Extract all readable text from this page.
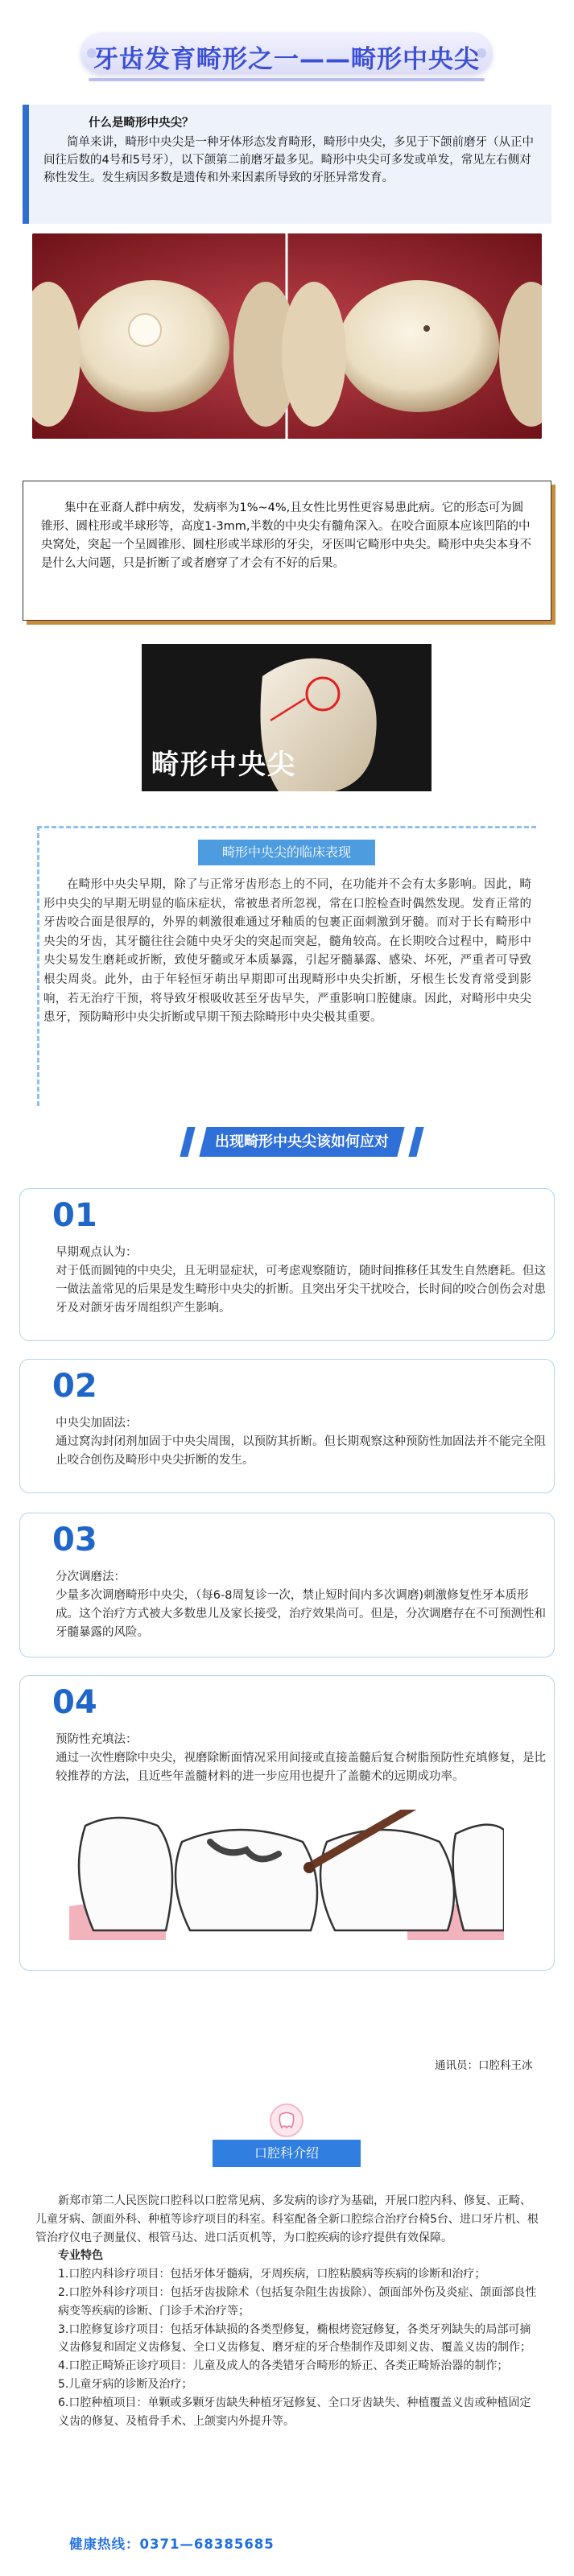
牙齿发育畸形之一——畸形中央尖
什么是畸形中央尖？

简单来讲，畸形中央尖是一种牙体形态发育畸形，畸形中央尖，多见于下颌前磨牙（从正中间往后数的4号和5号牙），以下颌第二前磨牙最多见。畸形中央尖可多发或单发，常见左右侧对称性发生。发生病因多数是遗传和外来因素所导致的牙胚异常发育。

集中在亚裔人群中病发，发病率为1%~4%,且女性比男性更容易患此病。它的形态可为圆锥形、圆柱形或半球形等，高度1-3mm,半数的中央尖有髓角深入。在咬合面原本应该凹陷的中央窝处，突起一个呈圆锥形、圆柱形或半球形的牙尖，牙医叫它畸形中央尖。畸形中央尖本身不是什么大问题，只是折断了或者磨穿了才会有不好的后果。

畸形中央尖
畸形中央尖的临床表现

在畸形中央尖早期，除了与正常牙齿形态上的不同，在功能并不会有太多影响。因此，畸形中央尖的早期无明显的临床症状，常被患者所忽视，常在口腔检查时偶然发现。发育正常的牙齿咬合面是很厚的，外界的刺激很难通过牙釉质的包裹正面刺激到牙髓。而对于长有畸形中央尖的牙齿，其牙髓往往会随中央牙尖的突起而突起，髓角较高。在长期咬合过程中，畸形中央尖易发生磨耗或折断，致使牙髓或牙本质暴露，引起牙髓暴露、感染、坏死，严重者可导致根尖周炎。此外，由于年轻恒牙萌出早期即可出现畸形中央尖折断，牙根生长发育常受到影响，若无治疗干预，将导致牙根吸收甚至牙齿早失，严重影响口腔健康。因此，对畸形中央尖患牙，预防畸形中央尖折断或早期干预去除畸形中央尖极其重要。

出现畸形中央尖该如何应对
01

早期观点认为：

对于低而圆钝的中央尖，且无明显症状，可考虑观察随访，随时间推移任其发生自然磨耗。但这一做法盖常见的后果是发生畸形中央尖的折断。且突出牙尖干扰咬合，长时间的咬合创伤会对患牙及对颌牙齿牙周组织产生影响。

02

中央尖加固法：

通过窝沟封闭剂加固于中央尖周围，以预防其折断。但长期观察这种预防性加固法并不能完全阻止咬合创伤及畸形中央尖折断的发生。

03

分次调磨法：

少量多次调磨畸形中央尖，（每6-8周复诊一次，禁止短时间内多次调磨)刺激修复性牙本质形成。这个治疗方式被大多数患儿及家长接受，治疗效果尚可。但是，分次调磨存在不可预测性和牙髓暴露的风险。

04

预防性充填法：

通过一次性磨除中央尖，视磨除断面情况采用间接或直接盖髓后复合树脂预防性充填修复，是比较推荐的方法，且近些年盖髓材料的进一步应用也提升了盖髓术的远期成功率。

通讯员：口腔科王冰
口腔科介绍

新郑市第二人民医院口腔科以口腔常见病、多发病的诊疗为基础，开展口腔内科、修复、正畸、儿童牙病、颌面外科、种植等诊疗项目的科室。科室配备全新口腔综合治疗台椅5台、进口牙片机、根管治疗仪电子测量仪、根管马达、进口活页机等，为口腔疾病的诊疗提供有效保障。

专业特色

1.口腔内科诊疗项目：包括牙体牙髓病，牙周疾病，口腔粘膜病等疾病的诊断和治疗；

2.口腔外科诊疗项目：包括牙齿拔除术（包括复杂阻生齿拔除）、颌面部外伤及炎症、颌面部良性病变等疾病的诊断、门诊手术治疗等；

3.口腔修复诊疗项目：包括牙体缺损的各类型修复，椭根烤瓷冠修复，各类牙列缺失的局部可摘义齿修复和固定义齿修复、全口义齿修复、磨牙症的牙合垫制作及即刻义齿、覆盖义齿的制作；

4.口腔正畸矫正诊疗项目：儿童及成人的各类错牙合畸形的矫正、各类正畸矫治器的制作；

5.儿童牙病的诊断及治疗；

6.口腔种植项目：单颗或多颗牙齿缺失种植牙冠修复、全口牙齿缺失、种植覆盖义齿或种植固定义齿的修复、及植骨手术、上颌窦内外提升等。

健康热线：0371—68385685
